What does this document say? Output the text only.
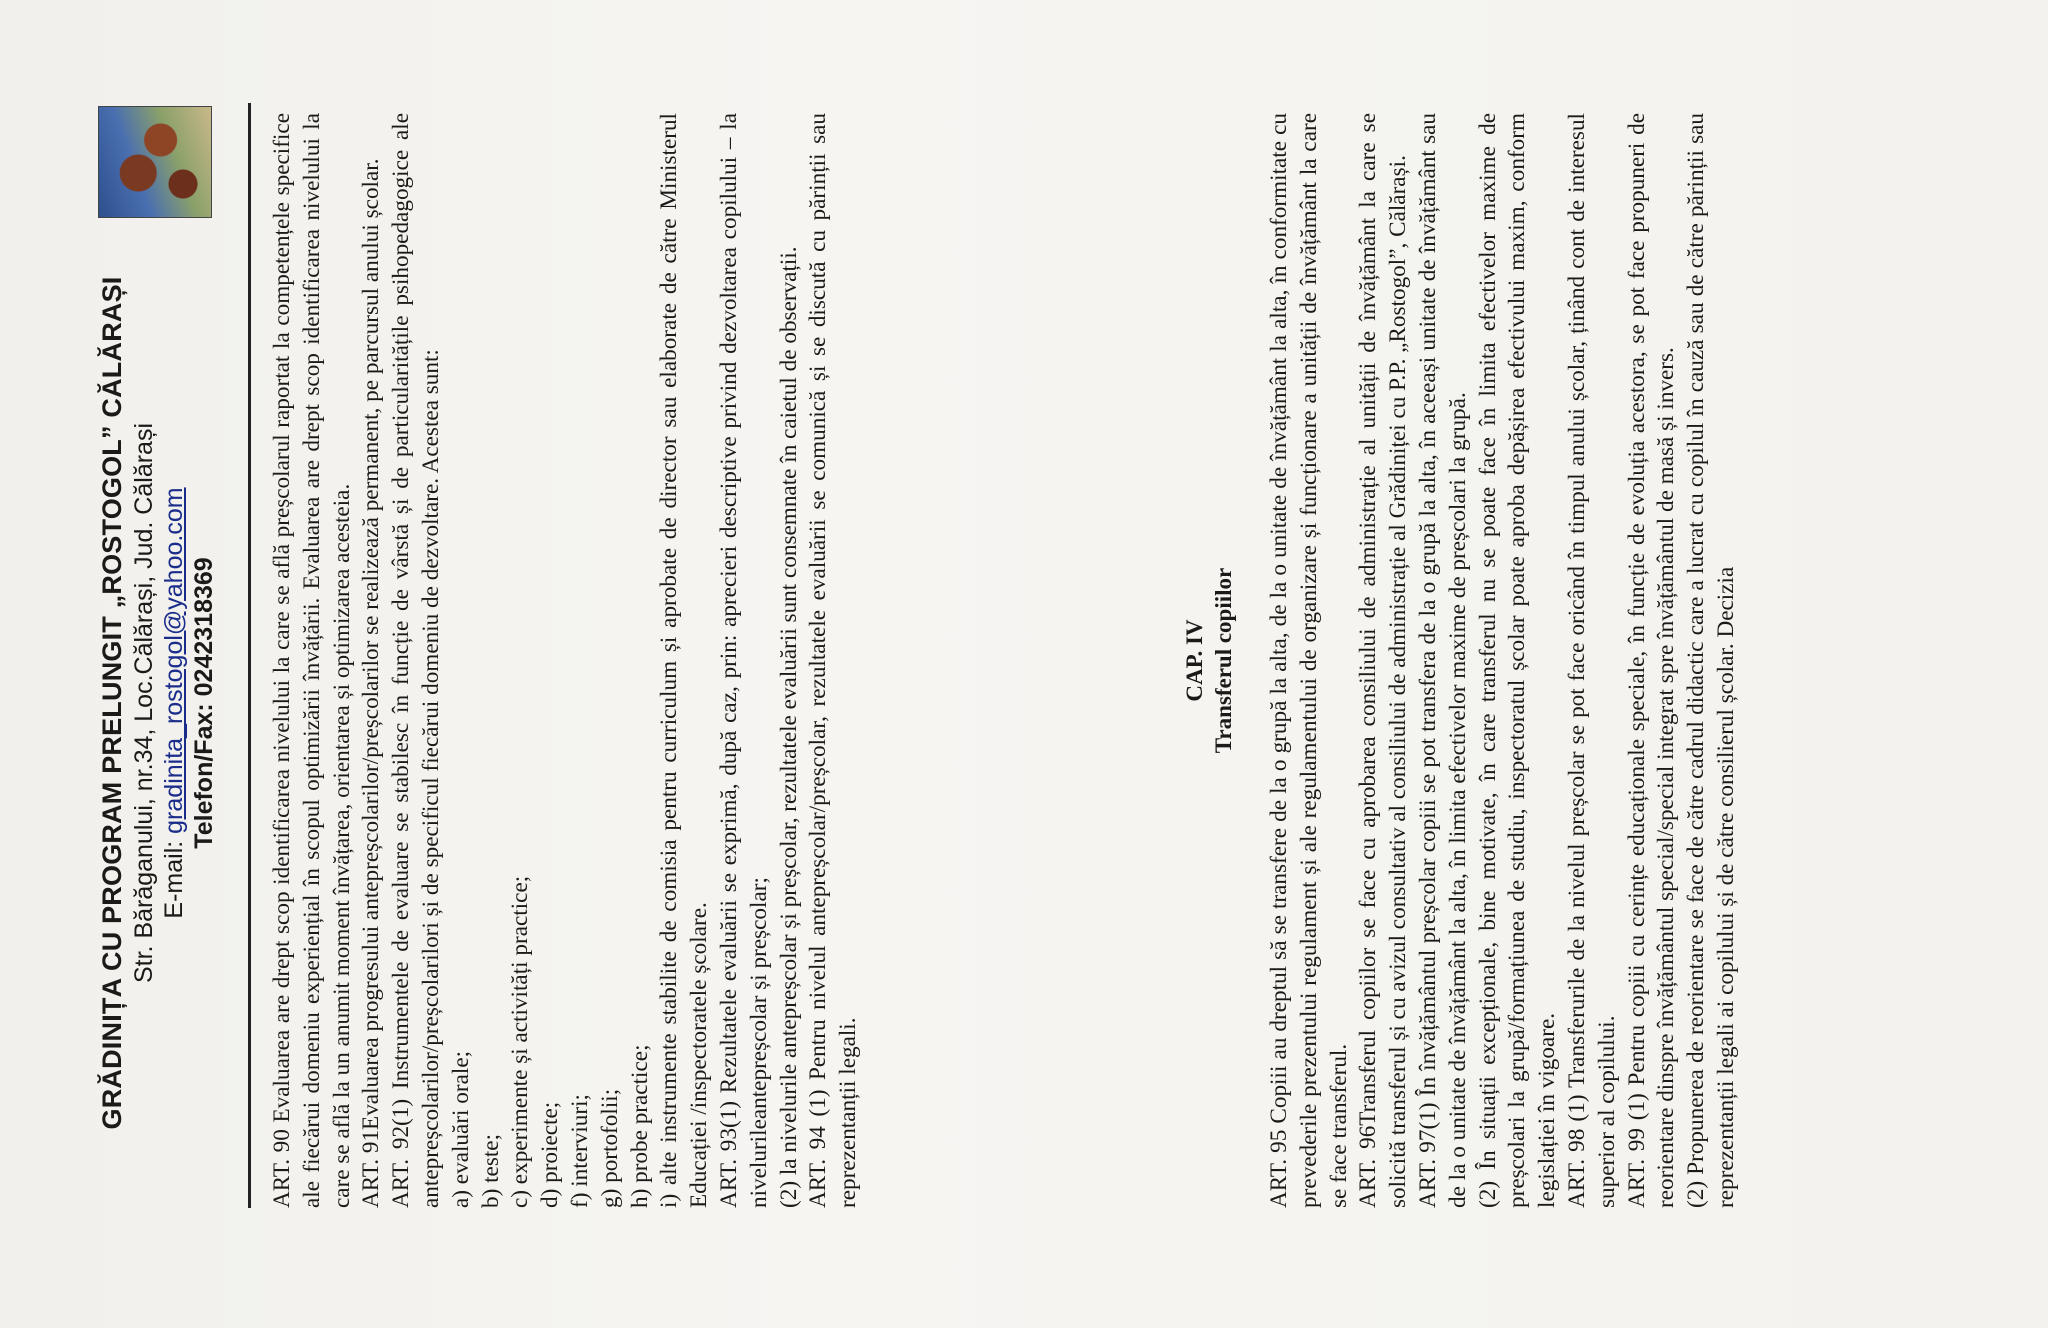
GRĂDINIȚA CU PROGRAM PRELUNGIT „ROSTOGOL” CĂLĂRAȘI Str. Bărăganului, nr.34, Loc.Călărași, Jud. Călărași E-mail: gradinita_rostogol@yahoo.com Telefon/Fax: 0242318369 ART. 90 Evaluarea are drept scop identificarea nivelului la care se află preșcolarul raportat la competențele specifice ale fiecărui domeniu experiențial în scopul optimizării învățării. Evaluarea are drept scop identificarea nivelului la care se află la un anumit moment învățarea, orientarea și optimizarea acesteia. ART. 91Evaluarea progresului antepreșcolarilor/preșcolarilor se realizează permanent, pe parcursul anului școlar. ART. 92(1) Instrumentele de evaluare se stabilesc în funcție de vârstă și de particularitățile psihopedagogice ale antepreșcolarilor/preșcolarilori și de specificul fiecărui domeniu de dezvoltare. Acestea sunt: a) evaluări orale; b) teste; c) experimente și activități practice; d) proiecte; f) interviuri; g) portofolii; h) probe practice; i) alte instrumente stabilite de comisia pentru curriculum și aprobate de director sau elaborate de către Ministerul Educației /inspectoratele școlare. ART. 93(1) Rezultatele evaluării se exprimă, după caz, prin: aprecieri descriptive privind dezvoltarea copilului – la nivelurileantepreșcolar și preșcolar; (2) la nivelurile antepreșcolar și preșcolar, rezultatele evaluării sunt consemnate în caietul de observații. ART. 94 (1) Pentru nivelul antepreșcolar/preșcolar, rezultatele evaluării se comunică și se discută cu părinții sau reprezentanții legali.
CAP. IV Transferul copiilor ART. 95 Copiii au dreptul să se transfere de la o grupă la alta, de la o unitate de învățământ la alta, în conformitate cu prevederile prezentului regulament și ale regulamentului de organizare și funcționare a unității de învățământ la care se face transferul. ART. 96Transferul copiilor se face cu aprobarea consiliului de administrație al unității de învățământ la care se solicită transferul și cu avizul consultativ al consiliului de administrație al Grădiniței cu P.P. „Rostogol”, Călărași. ART. 97(1) În învățământul preșcolar copiii se pot transfera de la o grupă la alta, în aceeași unitate de învățământ sau de la o unitate de învățământ la alta, în limita efectivelor maxime de preșcolari la grupă. (2) În situații excepționale, bine motivate, în care transferul nu se poate face în limita efectivelor maxime de preșcolari la grupă/formațiunea de studiu, inspectoratul școlar poate aproba depășirea efectivului maxim, conform legislației în vigoare. ART. 98 (1) Transferurile de la nivelul preșcolar se pot face oricând în timpul anului școlar, ținând cont de interesul superior al copilului. ART. 99 (1) Pentru copiii cu cerințe educaționale speciale, în funcție de evoluția acestora, se pot face propuneri de reorientare dinspre învățământul special/special integrat spre învățământul de masă și invers. (2) Propunerea de reorientare se face de către cadrul didactic care a lucrat cu copilul în cauză sau de către părinții sau reprezentanții legali ai copilului și de către consilierul școlar. Decizia
